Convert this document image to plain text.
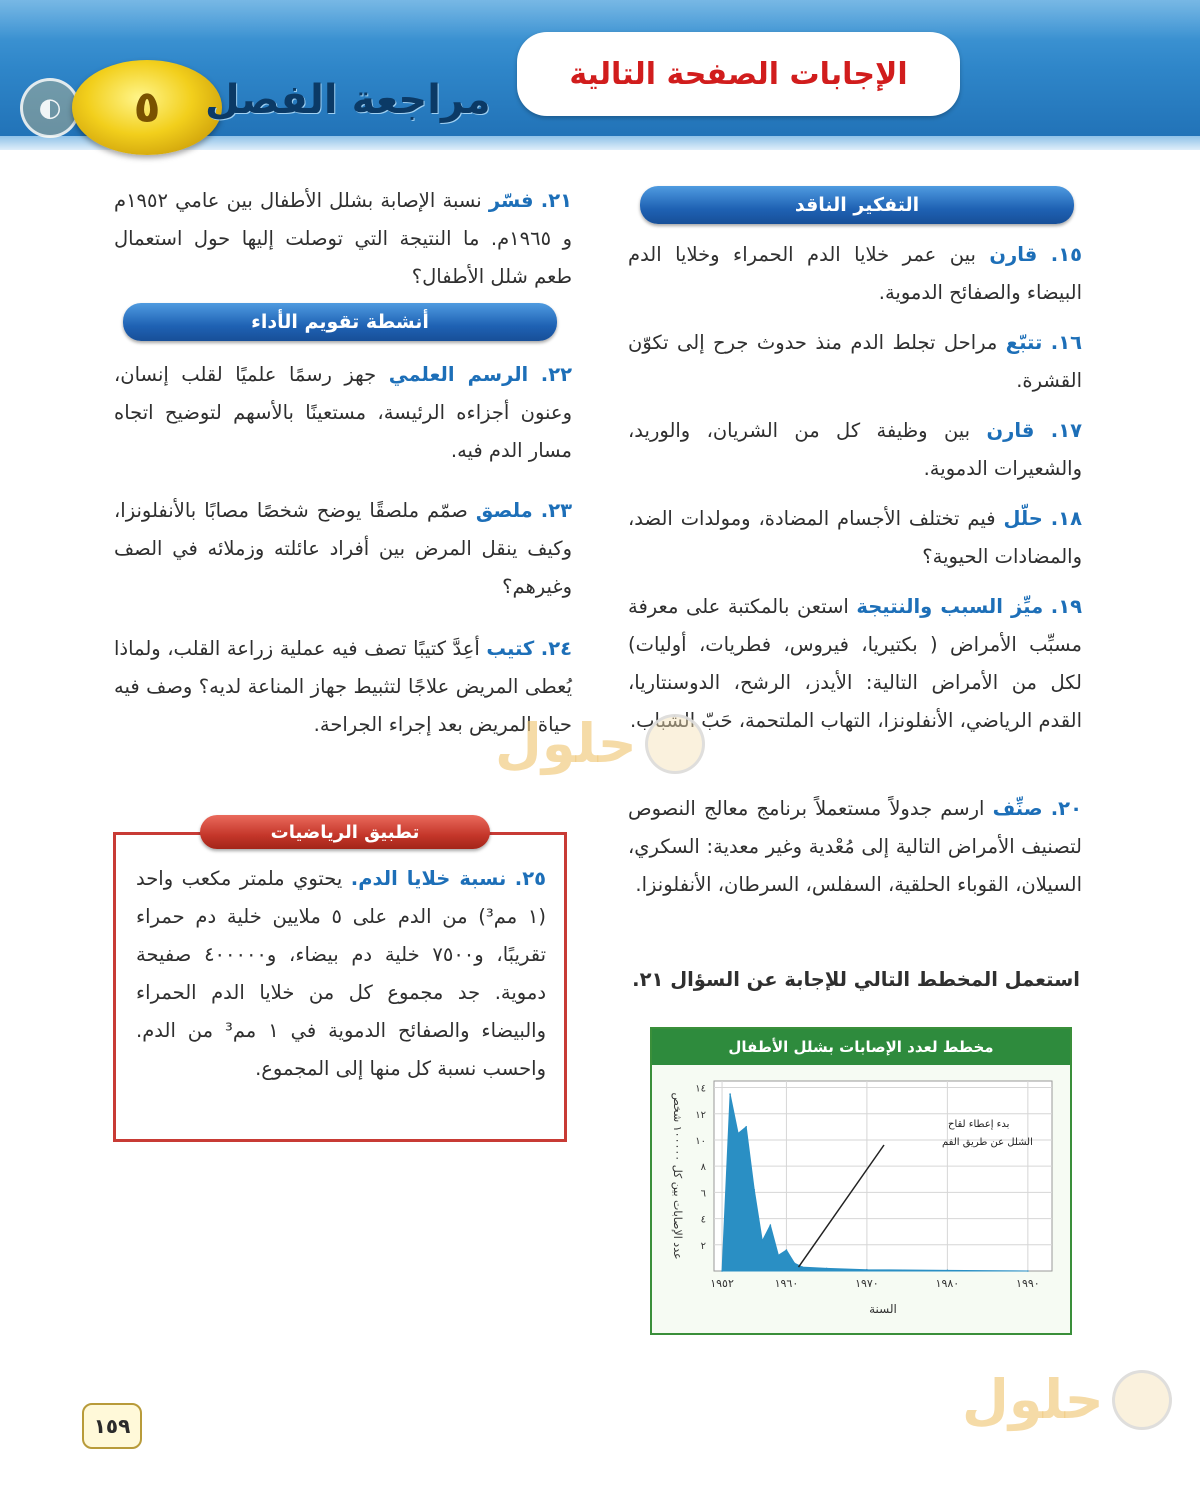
◐	٥ مراجعة الفصل
الإجابات الصفحة التالية
التفكير الناقد
١٥. قارن بين عمر خلايا الدم الحمراء وخلايا الدم البيضاء والصفائح الدموية.
١٦. تتبّع مراحل تجلط الدم منذ حدوث جرح إلى تكوّن القشرة.
١٧. قارن بين وظيفة كل من الشريان، والوريد، والشعيرات الدموية.
١٨. حلّل فيم تختلف الأجسام المضادة، ومولدات الضد، والمضادات الحيوية؟
١٩. ميِّز السبب والنتيجة استعن بالمكتبة على معرفة مسبِّب الأمراض ( بكتيريا، فيروس، فطريات، أوليات) لكل من الأمراض التالية: الأيدز، الرشح، الدوسنتاريا، القدم الرياضي، الأنفلونزا، التهاب الملتحمة، حَبّ الشباب.
٢٠. صنِّف ارسم جدولاً مستعملاً برنامج معالج النصوص لتصنيف الأمراض التالية إلى مُعْدية وغير معدية: السكري، السيلان، القوباء الحلقية، السفلس، السرطان، الأنفلونزا.
استعمل المخطط التالي للإجابة عن السؤال ٢١.
مخطط لعدد الإصابات بشلل الأطفال
٢
٤
٦
٨
١٠
١٢
١٤
١٩٥٢	١٩٦٠	١٩٧٠	١٩٨٠	١٩٩٠
السنة
عدد الإصابات بين كل ١٠٠٠٠٠ شخص
بدء إعطاء لقاح
الشلل عن طريق الفم
٢١. فسّر نسبة الإصابة بشلل الأطفال بين عامي ١٩٥٢م و ١٩٦٥م. ما النتيجة التي توصلت إليها حول استعمال طعم شلل الأطفال؟
أنشطة تقويم الأداء
٢٢. الرسم العلمي جهز رسمًا علميًا لقلب إنسان، وعنون أجزاءه الرئيسة، مستعينًا بالأسهم لتوضيح اتجاه مسار الدم فيه.
٢٣. ملصق صمّم ملصقًا يوضح شخصًا مصابًا بالأنفلونزا، وكيف ينقل المرض بين أفراد عائلته وزملائه في الصف وغيرهم؟
٢٤. كتيب أعِدَّ كتيبًا تصف فيه عملية زراعة القلب، ولماذا يُعطى المريض علاجًا لتثبيط جهاز المناعة لديه؟ وصف فيه حياة المريض بعد إجراء الجراحة.
تطبيق الرياضيات
٢٥. نسبة خلايا الدم. يحتوي ملمتر مكعب واحد (١ مم³) من الدم على ٥ ملايين خلية دم حمراء تقريبًا، و٧٥٠٠ خلية دم بيضاء، و٤٠٠٠٠٠ صفيحة دموية. جد مجموع كل من خلايا الدم الحمراء والبيضاء والصفائح الدموية في ١ مم³ من الدم. واحسب نسبة كل منها إلى المجموع.
حلول
حلول
١٥٩
